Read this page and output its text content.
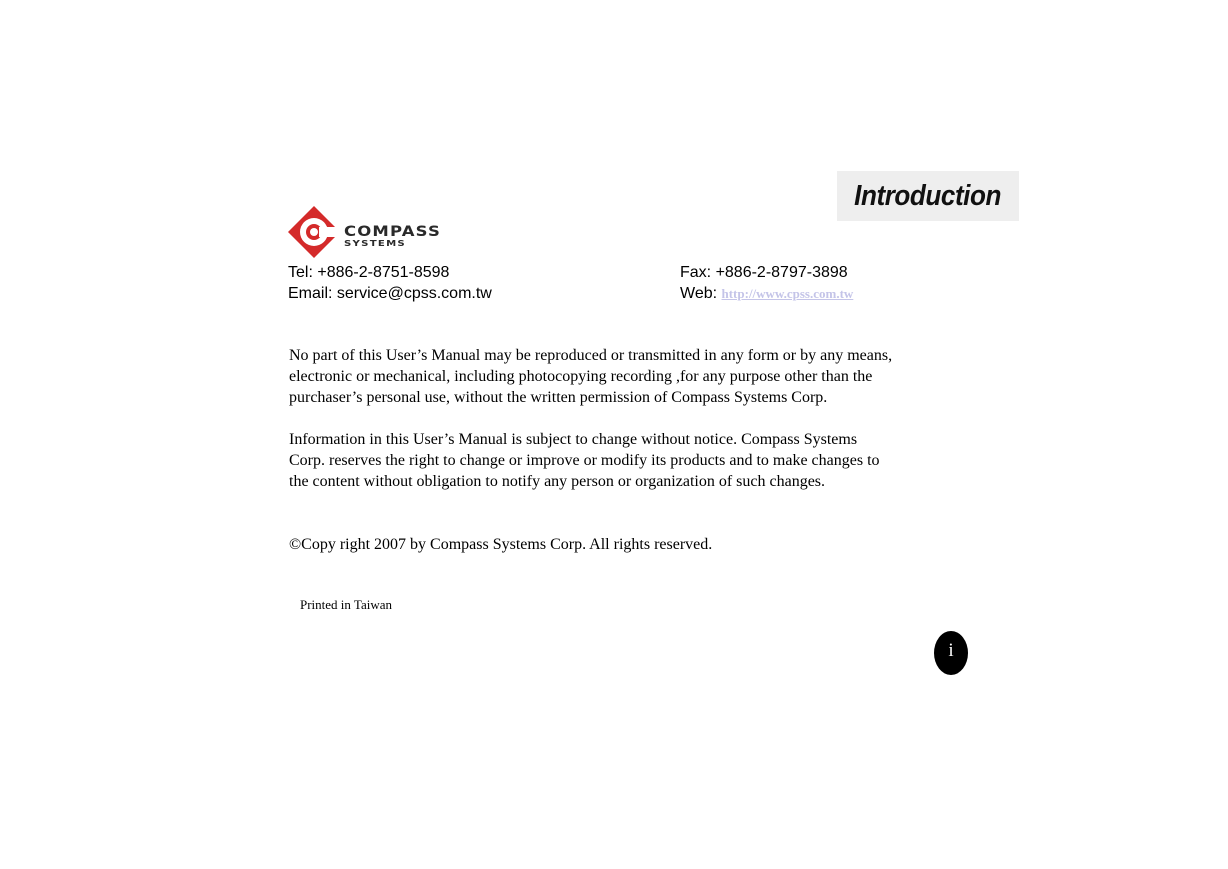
Introduction
COMPASS
SYSTEMS
Tel: +886-2-8751-8598
Email: service@cpss.com.tw
Fax: +886-2-8797-3898
Web: http://www.cpss.com.tw

No part of this User’s Manual may be reproduced or transmitted in any form or by any means,
electronic or mechanical, including photocopying recording ,for any purpose other than the
purchaser’s personal use, without the written permission of Compass Systems Corp.

Information in this User’s Manual is subject to change without notice. Compass Systems
Corp. reserves the right to change or improve or modify its products and to make changes to
the content without obligation to notify any person or organization of such changes.

©Copy right 2007 by Compass Systems Corp. All rights reserved.

Printed in Taiwan
i
